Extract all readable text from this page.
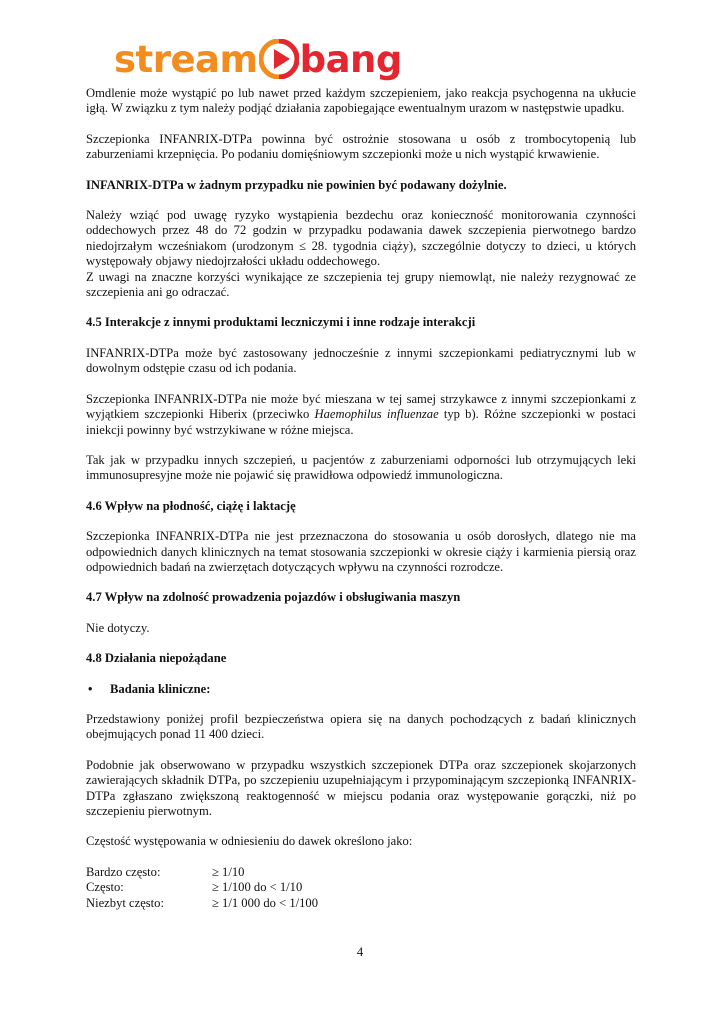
stream bang

Omdlenie może wystąpić po lub nawet przed każdym szczepieniem, jako reakcja psychogenna na ukłucie igłą. W związku z tym należy podjąć działania zapobiegające ewentualnym urazom w następstwie upadku.

Szczepionka INFANRIX-DTPa powinna być ostrożnie stosowana u osób z trombocytopenią lub zaburzeniami krzepnięcia. Po podaniu domięśniowym szczepionki może u nich wystąpić krwawienie.

INFANRIX-DTPa w żadnym przypadku nie powinien być podawany dożylnie.

Należy wziąć pod uwagę ryzyko wystąpienia bezdechu oraz konieczność monitorowania czynności oddechowych przez 48 do 72 godzin w przypadku podawania dawek szczepienia pierwotnego bardzo niedojrzałym wcześniakom (urodzonym ≤ 28. tygodnia ciąży), szczególnie dotyczy to dzieci, u których występowały objawy niedojrzałości układu oddechowego.
Z uwagi na znaczne korzyści wynikające ze szczepienia tej grupy niemowląt, nie należy rezygnować ze szczepienia ani go odraczać.

4.5 Interakcje z innymi produktami leczniczymi i inne rodzaje interakcji

INFANRIX-DTPa może być zastosowany jednocześnie z innymi szczepionkami pediatrycznymi lub w dowolnym odstępie czasu od ich podania.

Szczepionka INFANRIX-DTPa nie może być mieszana w tej samej strzykawce z innymi szczepionkami z wyjątkiem szczepionki Hiberix (przeciwko Haemophilus influenzae typ b). Różne szczepionki w postaci iniekcji powinny być wstrzykiwane w różne miejsca.

Tak jak w przypadku innych szczepień, u pacjentów z zaburzeniami odporności lub otrzymujących leki immunosupresyjne może nie pojawić się prawidłowa odpowiedź immunologiczna.

4.6 Wpływ na płodność, ciążę i laktację

Szczepionka INFANRIX-DTPa nie jest przeznaczona do stosowania u osób dorosłych, dlatego nie ma odpowiednich danych klinicznych na temat stosowania szczepionki w okresie ciąży i karmienia piersią oraz odpowiednich badań na zwierzętach dotyczących wpływu na czynności rozrodcze.

4.7 Wpływ na zdolność prowadzenia pojazdów i obsługiwania maszyn

Nie dotyczy.

4.8 Działania niepożądane
• Badania kliniczne:

Przedstawiony poniżej profil bezpieczeństwa opiera się na danych pochodzących z badań klinicznych obejmujących ponad 11 400 dzieci.

Podobnie jak obserwowano w przypadku wszystkich szczepionek DTPa oraz szczepionek skojarzonych zawierających składnik DTPa, po szczepieniu uzupełniającym i przypominającym szczepionką INFANRIX-DTPa zgłaszano zwiększoną reaktogenność w miejscu podania oraz występowanie gorączki, niż po szczepieniu pierwotnym.

Częstość występowania w odniesieniu do dawek określono jako:

Bardzo często:	≥ 1/10
Często:	≥ 1/100 do < 1/10
Niezbyt często:	≥ 1/1 000 do < 1/100
4
